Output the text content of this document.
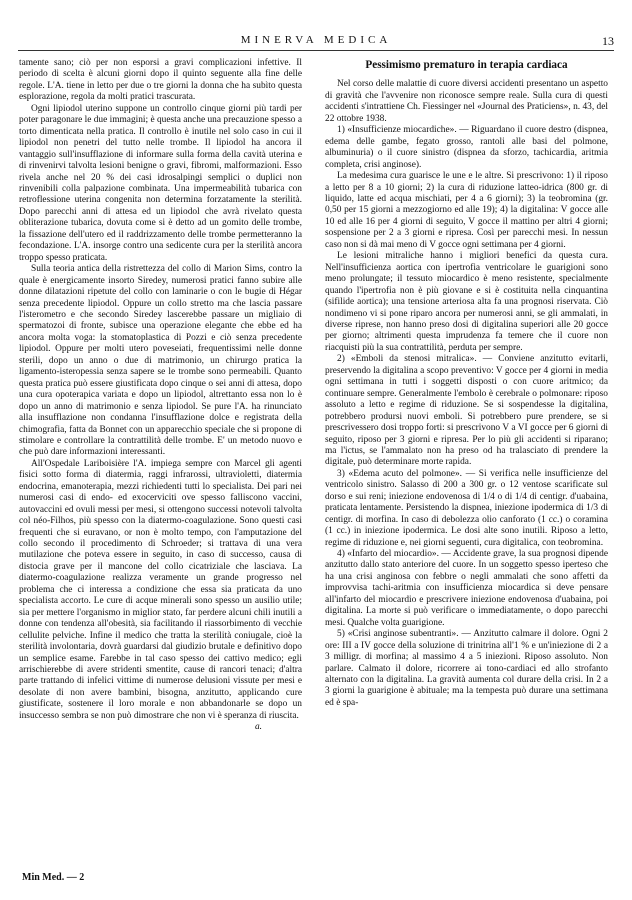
MINERVA MEDICA	13

tamente sano; ciò per non esporsi a gravi complicazioni infettive. Il periodo di scelta è alcuni giorni dopo il quinto seguente alla fine delle regole. L'A. tiene in letto per due o tre giorni la donna che ha subìto questa esplorazione, regola da molti pratici trascurata.

Ogni lipiodol uterino suppone un controllo cinque giorni più tardi per poter paragonare le due immagini; è questa anche una precauzione spesso a torto dimenticata nella pratica. Il controllo è inutile nel solo caso in cui il lipiodol non penetri del tutto nelle trombe. Il lipiodol ha ancora il vantaggio sull'insufflazione di informare sulla forma della cavità uterina e di rinvenirvi talvolta lesioni benigne o gravi, fibromi, malformazioni. Esso rivela anche nel 20 % dei casi idrosalpingi semplici o duplici non rinvenibili colla palpazione combinata. Una impermeabilità tubarica con retroflessione uterina congenita non determina forzatamente la sterilità. Dopo parecchi anni di attesa ed un lipiodol che avrà rivelato questa obliterazione tubarica, dovuta come si è detto ad un gomito delle trombe, la fissazione dell'utero ed il raddrizzamento delle trombe permetteranno la fecondazione. L'A. insorge contro una sedicente cura per la sterilità ancora troppo spesso praticata.

Sulla teoria antica della ristrettezza del collo di Marion Sims, contro la quale è energicamente insorto Siredey, numerosi pratici fanno subire alle donne dilatazioni ripetute del collo con laminarie o con le bugie di Hégar senza precedente lipiodol. Oppure un collo stretto ma che lascia passare l'isterometro e che secondo Siredey lascerebbe passare un migliaio di spermatozoi di fronte, subisce una operazione elegante che ebbe ed ha ancora molta voga: la stomatoplastica di Pozzi e ciò senza precedente lipiodol. Oppure per molti utero poveseiati, frequentissimi nelle donne sterili, dopo un anno o due di matrimonio, un chirurgo pratica la ligamento-isteropessia senza sapere se le trombe sono permeabili. Quanto questa pratica può essere giustificata dopo cinque o sei anni di attesa, dopo una cura opoterapica variata e dopo un lipiodol, altrettanto essa non lo è dopo un anno di matrimonio e senza lipiodol. Se pure l'A. ha rinunciato alla insufflazione non condanna l'insufflazione dolce e registrata della chimografia, fatta da Bonnet con un apparecchio speciale che si propone di stimolare e controllare la contrattilità delle trombe. E' un metodo nuovo e che può dare informazioni interessanti.

All'Ospedale Lariboisière l'A. impiega sempre con Marcel gli agenti fisici sotto forma di diatermia, raggi infrarossi, ultravioletti, diatermia endocrina, emanoterapia, mezzi richiedenti tutti lo specialista. Dei pari nei numerosi casi di endo- ed exocerviciti ove spesso falliscono vaccini, autovaccini ed ovuli messi per mesi, si ottengono successi notevoli talvolta col néo-Filhos, più spesso con la diatermo-coagulazione. Sono questi casi frequenti che si euravano, or non è molto tempo, con l'amputazione del collo secondo il procedimento di Schroeder; si trattava di una vera mutilazione che poteva essere in seguito, in caso di successo, causa di distocia grave per il mancone del collo cicatriziale che lasciava. La diatermo-coagulazione realizza veramente un grande progresso nel problema che ci interessa a condizione che essa sia praticata da uno specialista accorto. Le cure di acque minerali sono spesso un ausilio utile; sia per mettere l'organismo in miglior stato, far perdere alcuni chili inutili a donne con tendenza all'obesità, sia facilitando il riassorbimento di vecchie cellulite pelviche. Infine il medico che tratta la sterilità coniugale, cioè la sterilità involontaria, dovrà guardarsi dal giudizio brutale e definitivo dopo un semplice esame. Farebbe in tal caso spesso dei cattivo medico; egli arrischierebbe di avere stridenti smentite, cause di rancori tenaci; d'altra parte trattando di infelici vittime di numerose delusioni vissute per mesi e desolate di non avere bambini, bisogna, anzitutto, applicando cure giustificate, sostenere il loro morale e non abbandonarle se dopo un insuccesso sembra se non può dimostrare che non vi è speranza di riuscita.

a.

Pessimismo prematuro in terapia cardiaca

Nel corso delle malattie di cuore diversi accidenti presentano un aspetto di gravità che l'avvenire non riconosce sempre reale. Sulla cura di questi accidenti s'intrattiene Ch. Fiessinger nel «Journal des Praticiens», n. 43, del 22 ottobre 1938.

1) «Insufficienze miocardiche». — Riguardano il cuore destro (dispnea, edema delle gambe, fegato grosso, rantoli alle basi del polmone, albuminuria) o il cuore sinistro (dispnea da sforzo, tachicardia, aritmia completa, crisi anginose).

La medesima cura guarisce le une e le altre. Si prescrivono: 1) il riposo a letto per 8 a 10 giorni; 2) la cura di riduzione latteo-idrica (800 gr. di liquido, latte ed acqua mischiati, per 4 a 6 giorni); 3) la teobromina (gr. 0,50 per 15 giorni a mezzogiorno ed alle 19); 4) la digitalina: V gocce alle 10 ed alle 16 per 4 giorni di seguito, V gocce il mattino per altri 4 giorni; sospensione per 2 a 3 giorni e ripresa. Così per parecchi mesi. In nessun caso non si dà mai meno di V gocce ogni settimana per 4 giorni.

Le lesioni mitraliche hanno i migliori benefici da questa cura. Nell'insufficienza aortica con ipertrofia ventricolare le guarigioni sono meno prolungate; il tessuto miocardico è meno resistente, specialmente quando l'ipertrofia non è più giovane e si è costituita nella cinquantina (sifilide aortica); una tensione arteriosa alta fa una prognosi riservata. Ciò nondimeno vi si pone riparo ancora per numerosi anni, se gli ammalati, in diverse riprese, non hanno preso dosi di digitalina superiori alle 20 gocce per giorno; altrimenti questa imprudenza fa temere che il cuore non riacquisti più la sua contrattilità, perduta per sempre.

2) «Emboli da stenosi mitralica». — Conviene anzitutto evitarli, preservendo la digitalina a scopo preventivo: V gocce per 4 giorni in media ogni settimana in tutti i soggetti disposti o con cuore aritmico; da continuare sempre. Generalmente l'embolo è cerebrale o polmonare: riposo assoluto a letto e regime di riduzione. Se si sospendesse la digitalina, potrebbero prodursi nuovi emboli. Si potrebbero pure prendere, se si prescrivessero dosi troppo forti: si prescrivono V a VI gocce per 6 giorni di seguito, riposo per 3 giorni e ripresa. Per lo più gli accidenti si riparano; ma l'ictus, se l'ammalato non ha preso od ha tralasciato di prendere la digitale, può determinare morte rapida.

3) «Edema acuto del polmone». — Si verifica nelle insufficienze del ventricolo sinistro. Salasso di 200 a 300 gr. o 12 ventose scarificate sul dorso e sui reni; iniezione endovenosa di 1/4 o di 1/4 di centigr. d'uabaina, praticata lentamente. Persistendo la dispnea, iniezione ipodermica di 1/3 di centigr. di morfina. In caso di debolezza olio canforato (1 cc.) o coramina (1 cc.) in iniezione ipodermica. Le dosi alte sono inutili. Riposo a letto, regime di riduzione e, nei giorni seguenti, cura digitalica, con teobromina.

4) «Infarto del miocardio». — Accidente grave, la sua prognosi dipende anzitutto dallo stato anteriore del cuore. In un soggetto spesso iperteso che ha una crisi anginosa con febbre o negli ammalati che sono affetti da improvvisa tachi-aritmia con insufficienza miocardica si deve pensare all'infarto del miocardio e prescrivere iniezione endovenosa d'uabaina, poi digitalina. La morte si può verificare o immediatamente, o dopo parecchi mesi. Qualche volta guarigione.

5) «Crisi anginose subentranti». — Anzitutto calmare il dolore. Ogni 2 ore: III a IV gocce della soluzione di trinitrina all'1 % e un'iniezione di 2 a 3 milligr. di morfina; al massimo 4 a 5 iniezioni. Riposo assoluto. Non parlare. Calmato il dolore, ricorrere ai tono-cardiaci ed allo strofanto alternato con la digitalina. La gravità aumenta col durare della crisi. In 2 a 3 giorni la guarigione è abituale; ma la tempesta può durare una settimana ed è spa-

Min Med. — 2
